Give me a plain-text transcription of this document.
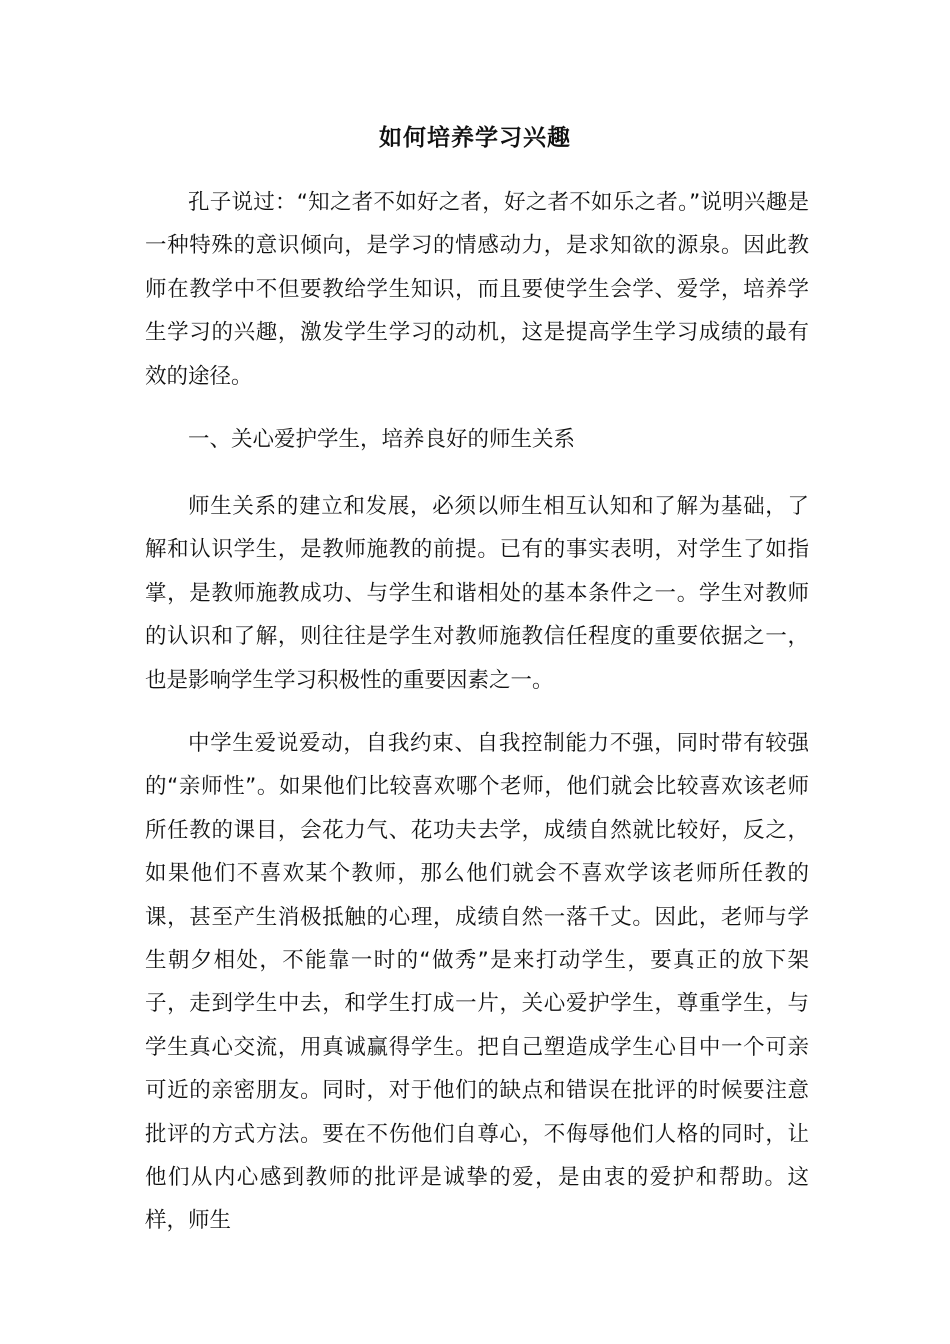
如何培养学习兴趣

孔子说过：“知之者不如好之者，好之者不如乐之者。”说明兴趣是一种特殊的意识倾向，是学习的情感动力，是求知欲的源泉。因此教师在教学中不但要教给学生知识，而且要使学生会学、爱学，培养学生学习的兴趣，激发学生学习的动机，这是提高学生学习成绩的最有效的途径。

一、关心爱护学生，培养良好的师生关系

师生关系的建立和发展，必须以师生相互认知和了解为基础，了解和认识学生，是教师施教的前提。已有的事实表明，对学生了如指掌，是教师施教成功、与学生和谐相处的基本条件之一。学生对教师的认识和了解，则往往是学生对教师施教信任程度的重要依据之一，也是影响学生学习积极性的重要因素之一。

中学生爱说爱动，自我约束、自我控制能力不强，同时带有较强的“亲师性”。如果他们比较喜欢哪个老师，他们就会比较喜欢该老师所任教的课目，会花力气、花功夫去学，成绩自然就比较好，反之，如果他们不喜欢某个教师，那么他们就会不喜欢学该老师所任教的课，甚至产生消极抵触的心理，成绩自然一落千丈。因此，老师与学生朝夕相处，不能靠一时的“做秀”是来打动学生，要真正的放下架子，走到学生中去，和学生打成一片，关心爱护学生，尊重学生，与学生真心交流，用真诚赢得学生。把自己塑造成学生心目中一个可亲可近的亲密朋友。同时，对于他们的缺点和错误在批评的时候要注意批评的方式方法。要在不伤他们自尊心，不侮辱他们人格的同时，让他们从内心感到教师的批评是诚挚的爱，是由衷的爱护和帮助。这样，师生
